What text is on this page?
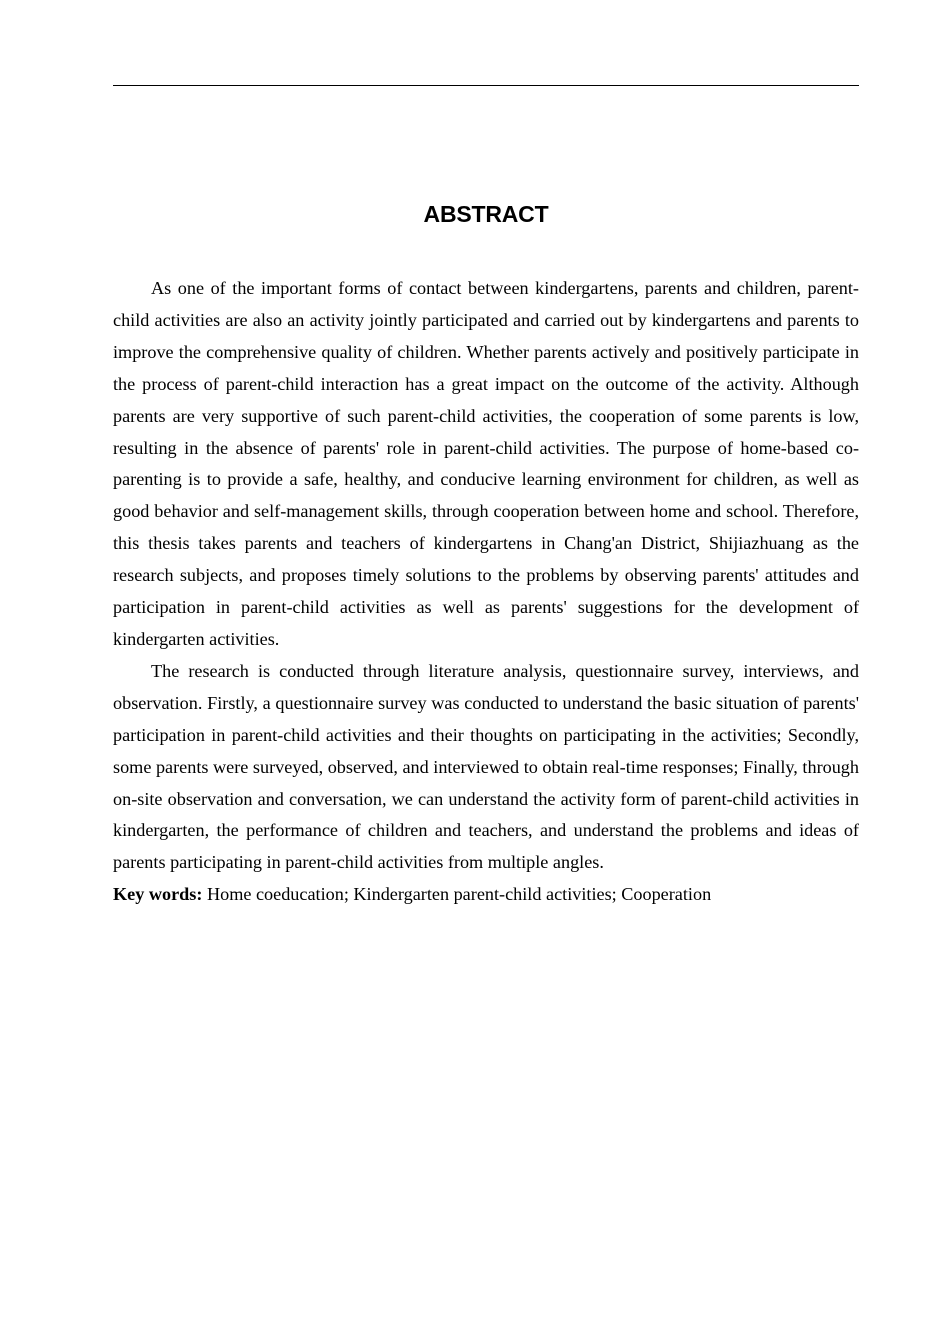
ABSTRACT

As one of the important forms of contact between kindergartens, parents and children, parent-child activities are also an activity jointly participated and carried out by kindergartens and parents to improve the comprehensive quality of children. Whether parents actively and positively participate in the process of parent-child interaction has a great impact on the outcome of the activity. Although parents are very supportive of such parent-child activities, the cooperation of some parents is low, resulting in the absence of parents' role in parent-child activities. The purpose of home-based co-parenting is to provide a safe, healthy, and conducive learning environment for children, as well as good behavior and self-management skills, through cooperation between home and school. Therefore, this thesis takes parents and teachers of kindergartens in Chang'an District, Shijiazhuang as the research subjects, and proposes timely solutions to the problems by observing parents' attitudes and participation in parent-child activities as well as parents' suggestions for the development of kindergarten activities.

The research is conducted through literature analysis, questionnaire survey, interviews, and observation. Firstly, a questionnaire survey was conducted to understand the basic situation of parents' participation in parent-child activities and their thoughts on participating in the activities; Secondly, some parents were surveyed, observed, and interviewed to obtain real-time responses; Finally, through on-site observation and conversation, we can understand the activity form of parent-child activities in kindergarten, the performance of children and teachers, and understand the problems and ideas of parents participating in parent-child activities from multiple angles.

Key words: Home coeducation; Kindergarten parent-child activities; Cooperation
